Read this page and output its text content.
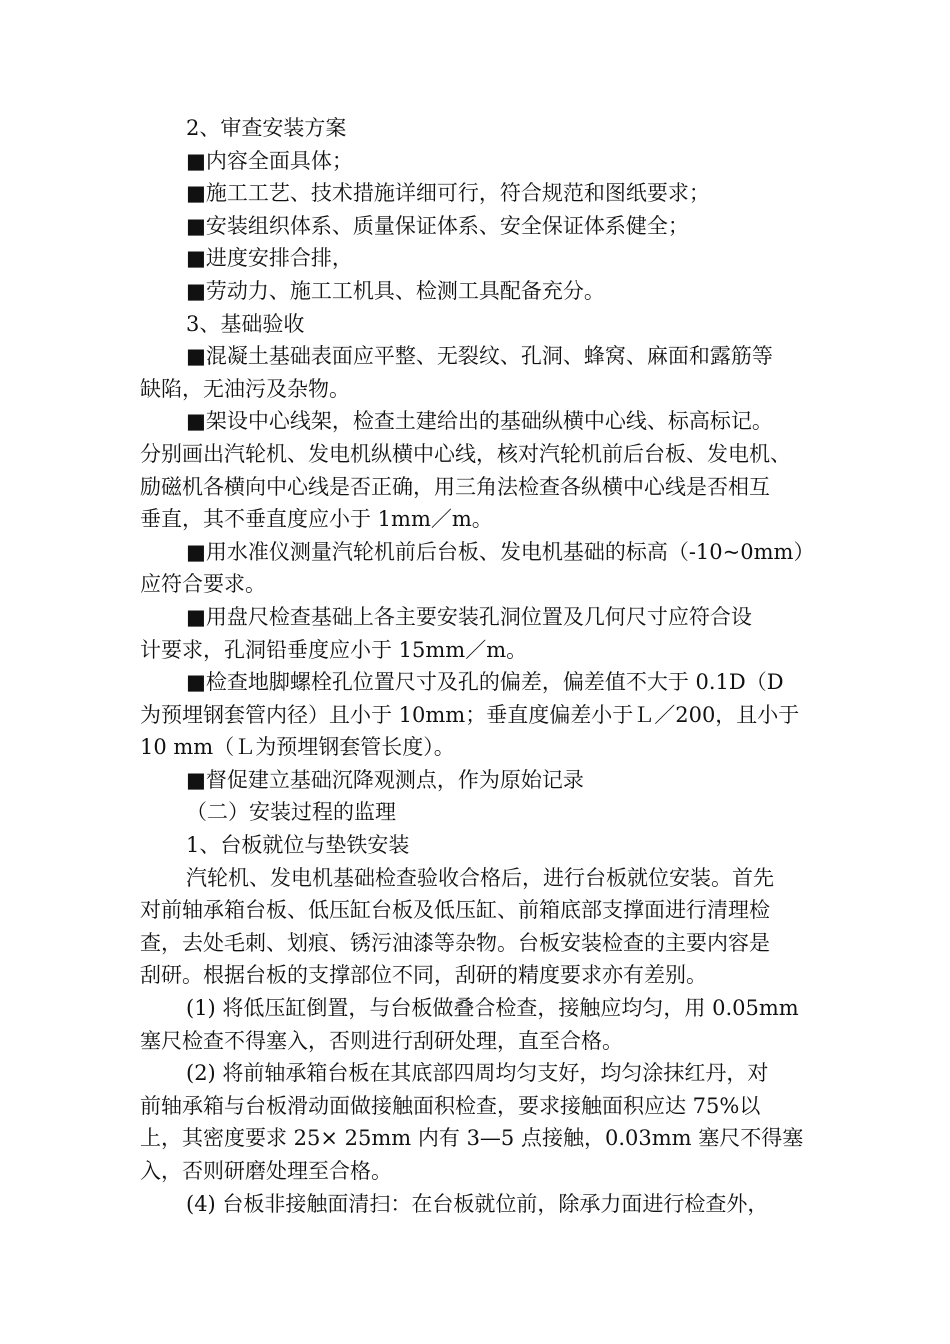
2、审查安装方案
■内容全面具体；
■施工工艺、技术措施详细可行，符合规范和图纸要求；
■安装组织体系、质量保证体系、安全保证体系健全；
■进度安排合排，
■劳动力、施工工机具、检测工具配备充分。
3、基础验收
■混凝土基础表面应平整、无裂纹、孔洞、蜂窝、麻面和露筋等
缺陷，无油污及杂物。
■架设中心线架，检查土建给出的基础纵横中心线、标高标记。
分别画出汽轮机、发电机纵横中心线，核对汽轮机前后台板、发电机、
励磁机各横向中心线是否正确，用三角法检查各纵横中心线是否相互
垂直，其不垂直度应小于 1mm／m。
■用水准仪测量汽轮机前后台板、发电机基础的标高（-10~0mm）
应符合要求。
■用盘尺检查基础上各主要安装孔洞位置及几何尺寸应符合设
计要求，孔洞铅垂度应小于 15mm／m。
■检查地脚螺栓孔位置尺寸及孔的偏差，偏差值不大于 0.1D（D
为预埋钢套管内径）且小于 10mm；垂直度偏差小于Ｌ／200，且小于
10 mm（Ｌ为预埋钢套管长度）。
■督促建立基础沉降观测点，作为原始记录
（二）安装过程的监理
1、台板就位与垫铁安装
汽轮机、发电机基础检查验收合格后，进行台板就位安装。首先
对前轴承箱台板、低压缸台板及低压缸、前箱底部支撑面进行清理检
查，去处毛刺、划痕、锈污油漆等杂物。台板安装检查的主要内容是
刮研。根据台板的支撑部位不同，刮研的精度要求亦有差别。
(1) 将低压缸倒置，与台板做叠合检查，接触应均匀，用 0.05mm
塞尺检查不得塞入，否则进行刮研处理，直至合格。
(2) 将前轴承箱台板在其底部四周均匀支好，均匀涂抹红丹，对
前轴承箱与台板滑动面做接触面积检查，要求接触面积应达 75%以
上，其密度要求 25× 25mm 内有 3—5 点接触，0.03mm 塞尺不得塞
入，否则研磨处理至合格。
(4) 台板非接触面清扫：在台板就位前，除承力面进行检查外，
